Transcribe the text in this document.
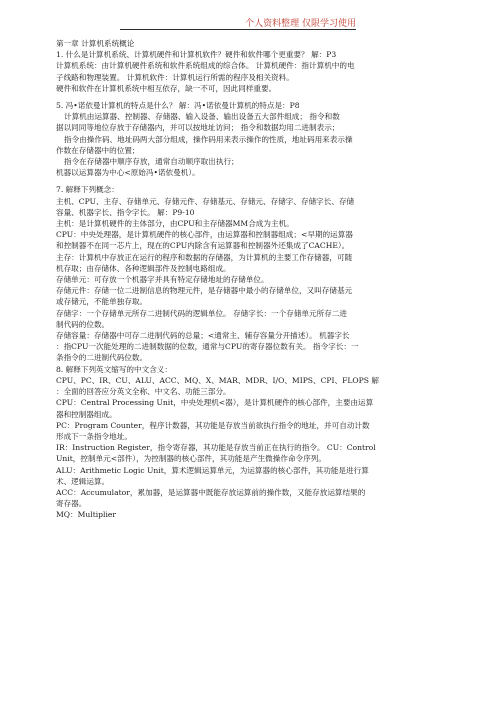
个人资料整理 仅限学习使用

第一章 计算机系统概论

1. 什么是计算机系统、计算机硬件和计算机软件？硬件和软件哪个更重要？ 解：P3

计算机系统：由计算机硬件系统和软件系统组成的综合体。 计算机硬件：指计算机中的电

子线路和物理装置。 计算机软件：计算机运行所需的程序及相关资料。

硬件和软件在计算机系统中相互依存，缺一不可，因此同样重要。

5. 冯•诺依曼计算机的特点是什么？ 解：冯•诺依曼计算机的特点是：P8

计算机由运算器、控制器、存储器、输入设备、输出设备五大部件组成； 指令和数

据以同同等地位存放于存储器内，并可以按地址访问； 指令和数据均用二进制表示；

指令由操作码、地址码两大部分组成，操作码用来表示操作的性质，地址码用来表示操

作数在存储器中的位置；

指令在存储器中顺序存放，通常自动顺序取出执行；

机器以运算器为中心<原始冯•诺依曼机）。

7. 解释下列概念：

主机、CPU、主存、存储单元、存储元件、存储基元、存储元、存储字、存储字长、存储

容量、机器字长、指令字长。 解：P9-10

主机：是计算机硬件的主体部分，由CPU和主存储器MM合成为主机。

CPU：中央处理器，是计算机硬件的核心部件，由运算器和控制器组成；<早期的运算器

和控制器不在同一芯片上，现在的CPU内除含有运算器和控制器外还集成了CACHE）。

主存：计算机中存放正在运行的程序和数据的存储器，为计算机的主要工作存储器，可随

机存取；由存储体、各种逻辑部件及控制电路组成。

存储单元：可存放一个机器字并具有特定存储地址的存储单位。

存储元件：存储一位二进制信息的物理元件，是存储器中最小的存储单位，又叫存储基元

或存储元，不能单独存取。

存储字：一个存储单元所存二进制代码的逻辑单位。 存储字长：一个存储单元所存二进

制代码的位数。

存储容量：存储器中可存二进制代码的总量；<通常主、辅存容量分开描述）。 机器字长

：指CPU一次能处理的二进制数据的位数，通常与CPU的寄存器位数有关。 指令字长：一

条指令的二进制代码位数。

8. 解释下列英文缩写的中文含义：

CPU、PC、IR、CU、ALU、ACC、MQ、X、MAR、MDR、I/O、MIPS、CPI、FLOPS 解

：全面的回答应分英文全称、中文名、功能三部分。

CPU：Central Processing Unit，中央处理机<器），是计算机硬件的核心部件，主要由运算

器和控制器组成。

PC：Program Counter，程序计数器，其功能是存放当前欲执行指令的地址，并可自动计数

形成下一条指令地址。

IR：Instruction Register，指令寄存器，其功能是存放当前正在执行的指令。 CU：Control

Unit，控制单元<部件），为控制器的核心部件，其功能是产生微操作命令序列。

ALU：Arithmetic Logic Unit，算术逻辑运算单元，为运算器的核心部件，其功能是进行算

术、逻辑运算。

ACC：Accumulator，累加器，是运算器中既能存放运算前的操作数，又能存放运算结果的

寄存器。

MQ：Multiplier
